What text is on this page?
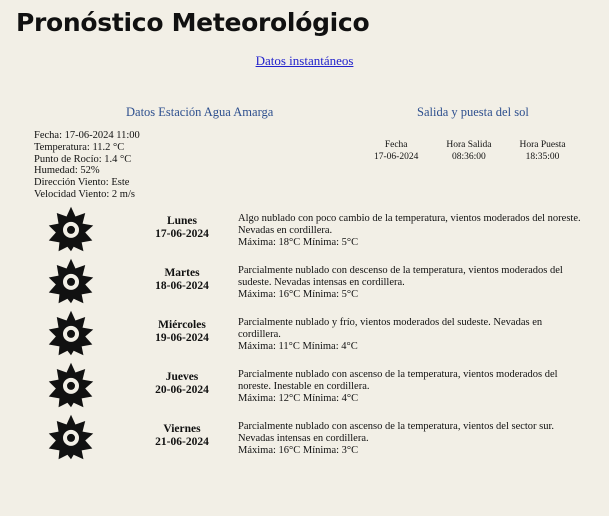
Pronóstico Meteorológico
Datos instantáneos
Datos Estación Agua Amarga	Salida y puesta del sol
Fecha: 17-06-2024 11:00
Temperatura: 11.2 °C
Punto de Rocío: 1.4 °C
Humedad: 52%
Dirección Viento: Este
Velocidad Viento: 2 m/s
Fecha	Hora Salida	Hora Puesta
17-06-2024	08:36:00	18:35:00
Lunes
17-06-2024
Algo nublado con poco cambio de la temperatura, vientos moderados del noreste. Nevadas en cordillera.
Máxima: 18°C Mínima: 5°C
Martes
18-06-2024
Parcialmente nublado con descenso de la temperatura, vientos moderados del sudeste. Nevadas intensas en cordillera.
Máxima: 16°C Mínima: 5°C
Miércoles
19-06-2024
Parcialmente nublado y frío, vientos moderados del sudeste. Nevadas en cordillera.
Máxima: 11°C Mínima: 4°C
Jueves
20-06-2024
Parcialmente nublado con ascenso de la temperatura, vientos moderados del noreste. Inestable en cordillera.
Máxima: 12°C Mínima: 4°C
Viernes
21-06-2024
Parcialmente nublado con ascenso de la temperatura, vientos del sector sur. Nevadas intensas en cordillera.
Máxima: 16°C Mínima: 3°C
